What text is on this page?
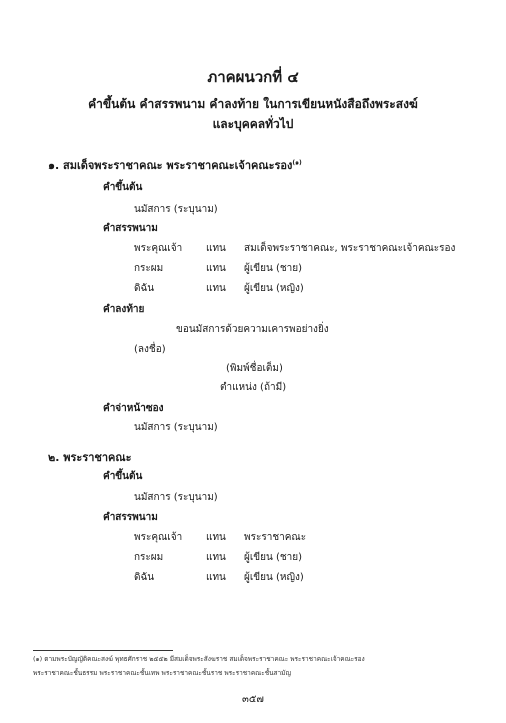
ภาคผนวกที่ ๔
คำขึ้นต้น คำสรรพนาม คำลงท้าย ในการเขียนหนังสือถึงพระสงฆ์
และบุคคลทั่วไป
๑. สมเด็จพระราชาคณะ พระราชาคณะเจ้าคณะรอง$^{(๑)}$
คำขึ้นต้น
นมัสการ (ระบุนาม)
คำสรรพนาม
พระคุณเจ้า แทน สมเด็จพระราชาคณะ, พระราชาคณะเจ้าคณะรอง
กระผม	แทน ผู้เขียน (ชาย)
ดิฉัน	แทน ผู้เขียน (หญิง)
คำลงท้าย
ขอนมัสการด้วยความเคารพอย่างยิ่ง
(ลงชื่อ)
(พิมพ์ชื่อเต็ม)
ตำแหน่ง (ถ้ามี)
คำจ่าหน้าซอง
นมัสการ (ระบุนาม)
๒. พระราชาคณะ
คำขึ้นต้น
นมัสการ (ระบุนาม)
คำสรรพนาม
พระคุณเจ้า แทน พระราชาคณะ
กระผม	แทน ผู้เขียน (ชาย)
ดิฉัน	แทน ผู้เขียน (หญิง)
(๑) ตามพระบัญญัติคณะสงฆ์ พุทธศักราช ๒๕๕๒ มีสมเด็จพระสังฆราช สมเด็จพระราชาคณะ พระราชาคณะเจ้าคณะรอง
พระราชาคณะชั้นธรรม พระราชาคณะชั้นเทพ พระราชาคณะชั้นราช พระราชาคณะชั้นสามัญ
๓๕๗
